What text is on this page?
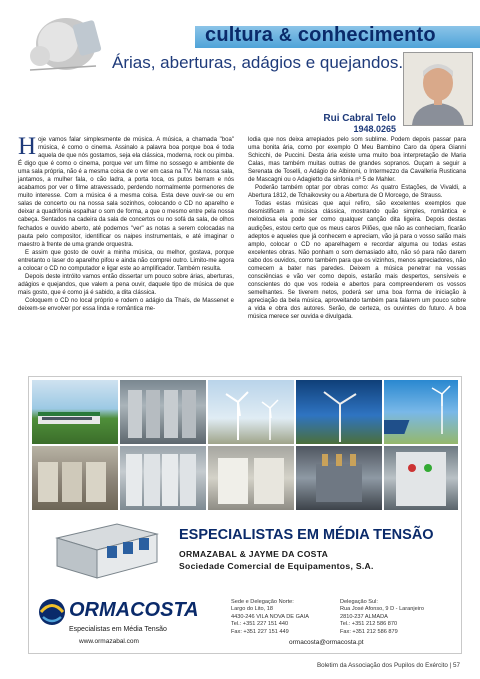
cultura & conhecimento
Árias, aberturas, adágios e quejandos.
Rui Cabral Telo
1948.0265

Hoje vamos falar simplesmente de música. A música, a chamada "boa" música, é como o cinema. Assinalo a palavra boa porque boa é toda aquela de que nós gostamos, seja ela clássica, moderna, rock ou pimba. É digo que é como o cinema, porque ver um filme no sossego e ambiente de uma sala própria, não é a mesma coisa de o ver em casa na TV. Na nossa sala, jantamos, a mulher fala, o cão ladra, a porta toca, os putos berram e nós acabamos por ver o filme atravessado, perdendo normalmente pormenores de muito interesse. Com a música é a mesma coisa. Esta deve ouvir-se ou em salas de concerto ou na nossa sala sozinhos, colocando o CD no aparelho e deixar a quadrifonia espalhar o som de forma, a que o mesmo entre pela nossa cabeça. Sentados na cadeira da sala de concertos ou no sofá da sala, de olhos fechados e ouvido aberto, até podemos "ver" as notas a serem colocadas na pauta pelo compositor, identificar os naipes instrumentais, e até imaginar o maestro à frente de uma grande orquestra.

E assim que gosto de ouvir a minha música, ou melhor, gostava, porque entretanto o laser do aparelho pifou e ainda não comprei outro. Limito-me agora a colocar o CD no computador e ligar este ao amplificador. Também resulta.

Depois deste intróito vamos então dissertar um pouco sobre árias, aberturas, adágios e quejandos, que valem a pena ouvir, daquele tipo de música de que mais gosto, que é como já é sabido, a dita clássica.

Coloquem o CD no local próprio e rodem o adágio da Thaís, de Massenet e deixem-se envolver por essa linda e romântica me-

lodia que nos deixa arrepiados pelo som sublime. Podem depois passar para uma bonita ária, como por exemplo O Meu Bambino Caro da ópera Gianni Schicchi, de Puccini. Desta ária existe uma muito boa interpretação de Maria Calas, mas também muitas outras de grandes sopranos. Ouçam a seguir a Serenata de Toselli, o Adágio de Albinoni, o Intermezzo da Cavalleria Rusticana de Mascagni ou o Adagietto da sinfonia nº 5 de Mahler.

Poderão também optar por obras como: As quatro Estações, de Vivaldi, a Abertura 1812, de Tchaikovsky ou a Abertura de O Morcego, de Strauss.

Todas estas músicas que aqui refiro, são excelentes exemplos que desmistificam a música clássica, mostrando quão simples, romântica e melodiosa ela pode ser como qualquer canção dita ligeira. Depois destas audições, estou certo que os meus caros Pilões, que não as conheciam, ficarão adeptos e aqueles que já conhecem e apreciam, vão já para o vosso salão mais amplo, colocar o CD no aparelhagem e recordar alguma ou todas estas excelentes obras. Não ponham o som demasiado alto, não só para não darem cabo dos ouvidos, como também para que os vizinhos, menos apreciadores, não comecem a bater nas paredes. Deixem a música penetrar na vossas consciências e vão ver como depois, estarão mais despertos, sensíveis e conscientes do que vos rodeia e abertos para compreenderem os vossos semelhantes. Se tiverem netos, poderá ser uma boa forma de iniciação à apreciação da bela música, aproveitando também para falarem um pouco sobre a vida e obra dos autores. Serão, de certeza, os ouvintes do futuro. A boa música merece ser ouvida e divulgada.

ESPECIALISTAS EM MÉDIA TENSÃO
ORMAZABAL & JAYME DA COSTA
Sociedade Comercial de Equipamentos, S.A.
ORMACOSTA
Especialistas em Média Tensão
www.ormazabal.com
Sede e Delegação Norte:
Largo do Lito, 18
4430-246 VILA NOVA DE GAIA
Tel.: +351 227 151 440
Fax: +351 227 151 449
Delegação Sul:
Rua José Afonso, 9 D - Laranjeiro
2810-237 ALMADA
Tel.: +351 212 586 870
Fax: +351 212 586 879
ormacosta@ormacosta.pt
Boletim da Associação dos Pupilos do Exército | 57
